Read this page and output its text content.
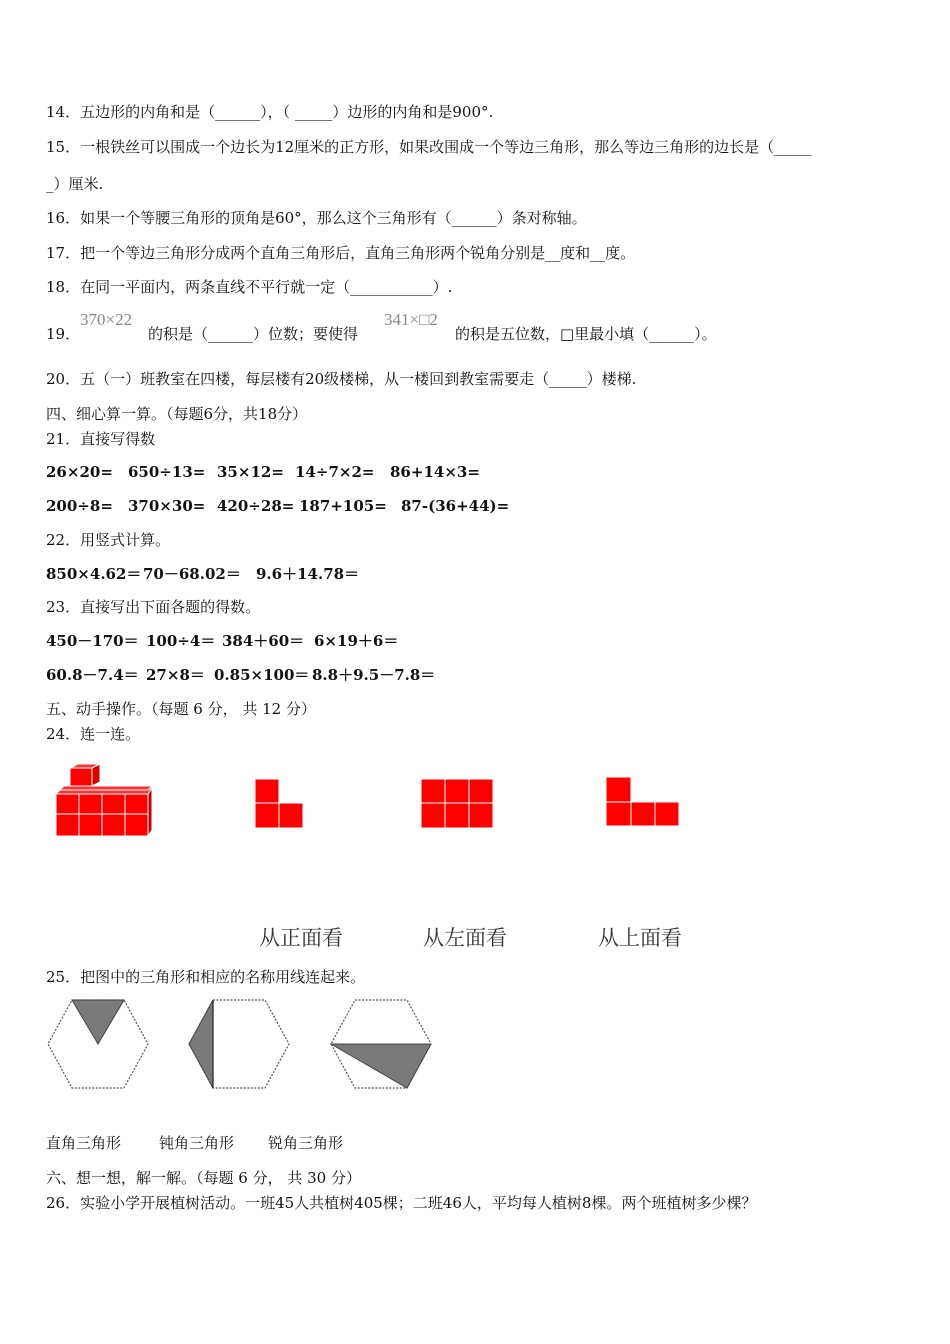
14．五边形的内角和是（______），（ _____）边形的内角和是900°.
15．一根铁丝可以围成一个边长为12厘米的正方形，如果改围成一个等边三角形，那么等边三角形的边长是（_____
_）厘米.
16．如果一个等腰三角形的顶角是60°，那么这个三角形有（______）条对称轴。
17．把一个等边三角形分成两个直角三角形后，直角三角形两个锐角分别是__度和__度。
18．在同一平面内，两条直线不平行就一定（___________）.
19．
370×22
的积是（______）位数；要使得
341×□2
的积是五位数，□里最小填（______）。
20．五（一）班教室在四楼，每层楼有20级楼梯，从一楼回到教室需要走（_____）楼梯.
四、细心算一算。（每题6分，共18分）
21．直接写得数
26×20= 650÷13= 35×12= 14÷7×2= 86+14×3=
200÷8= 370×30= 420÷28= 187+105= 87-(36+44)=
22．用竖式计算。
850×4.62＝ 70－68.02＝ 9.6＋14.78＝
23．直接写出下面各题的得数。
450－170＝ 100÷4＝ 384＋60＝ 6×19＋6＝
60.8－7.4＝ 27×8＝ 0.85×100＝ 8.8＋9.5－7.8＝
五、动手操作。（每题 6 分， 共 12 分）
24．连一连。
从正面看	从左面看	从上面看
25．把图中的三角形和相应的名称用线连起来。
直角三角形	钝角三角形 锐角三角形
六、想一想，解一解。（每题 6 分， 共 30 分）
26．实验小学开展植树活动。一班45人共植树405棵；二班46人，平均每人植树8棵。两个班植树多少棵？
